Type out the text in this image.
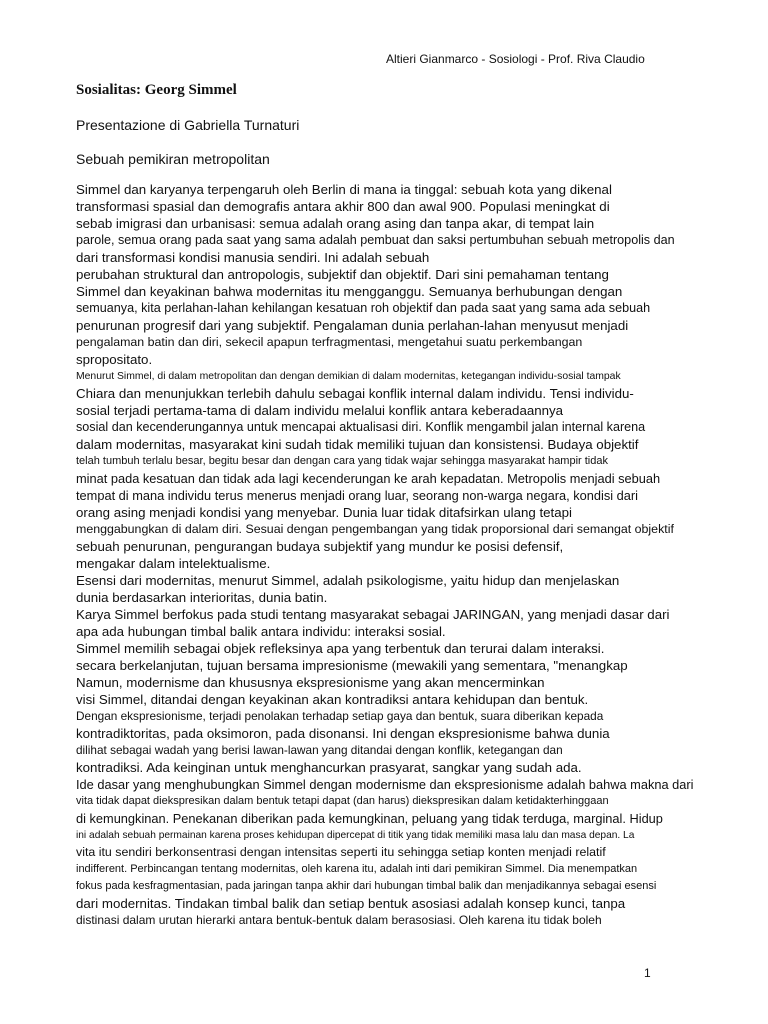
Altieri Gianmarco - Sosiologi - Prof. Riva Claudio
Sosialitas: Georg Simmel
Presentazione di Gabriella Turnaturi
Sebuah pemikiran metropolitan
Simmel dan karyanya terpengaruh oleh Berlin di mana ia tinggal: sebuah kota yang dikenal
transformasi spasial dan demografis antara akhir 800 dan awal 900. Populasi meningkat di
sebab imigrasi dan urbanisasi: semua adalah orang asing dan tanpa akar, di tempat lain
parole, semua orang pada saat yang sama adalah pembuat dan saksi pertumbuhan sebuah metropolis dan
dari transformasi kondisi manusia sendiri. Ini adalah sebuah
perubahan struktural dan antropologis, subjektif dan objektif. Dari sini pemahaman tentang
Simmel dan keyakinan bahwa modernitas itu mengganggu. Semuanya berhubungan dengan
semuanya, kita perlahan-lahan kehilangan kesatuan roh objektif dan pada saat yang sama ada sebuah
penurunan progresif dari yang subjektif. Pengalaman dunia perlahan-lahan menyusut menjadi
pengalaman batin dan diri, sekecil apapun terfragmentasi, mengetahui suatu perkembangan
spropositato.
Menurut Simmel, di dalam metropolitan dan dengan demikian di dalam modernitas, ketegangan individu-sosial tampak
Chiara dan menunjukkan terlebih dahulu sebagai konflik internal dalam individu. Tensi individu-
sosial terjadi pertama-tama di dalam individu melalui konflik antara keberadaannya
sosial dan kecenderungannya untuk mencapai aktualisasi diri. Konflik mengambil jalan internal karena
dalam modernitas, masyarakat kini sudah tidak memiliki tujuan dan konsistensi. Budaya objektif
telah tumbuh terlalu besar, begitu besar dan dengan cara yang tidak wajar sehingga masyarakat hampir tidak
minat pada kesatuan dan tidak ada lagi kecenderungan ke arah kepadatan. Metropolis menjadi sebuah
tempat di mana individu terus menerus menjadi orang luar, seorang non-warga negara, kondisi dari
orang asing menjadi kondisi yang menyebar. Dunia luar tidak ditafsirkan ulang tetapi
menggabungkan di dalam diri. Sesuai dengan pengembangan yang tidak proporsional dari semangat objektif
sebuah penurunan, pengurangan budaya subjektif yang mundur ke posisi defensif,
mengakar dalam intelektualisme.
Esensi dari modernitas, menurut Simmel, adalah psikologisme, yaitu hidup dan menjelaskan
dunia berdasarkan interioritas, dunia batin.
Karya Simmel berfokus pada studi tentang masyarakat sebagai JARINGAN, yang menjadi dasar dari
apa ada hubungan timbal balik antara individu: interaksi sosial.
Simmel memilih sebagai objek refleksinya apa yang terbentuk dan terurai dalam interaksi.
secara berkelanjutan, tujuan bersama impresionisme (mewakili yang sementara, "menangkap
Namun, modernisme dan khususnya ekspresionisme yang akan mencerminkan
visi Simmel, ditandai dengan keyakinan akan kontradiksi antara kehidupan dan bentuk.
Dengan ekspresionisme, terjadi penolakan terhadap setiap gaya dan bentuk, suara diberikan kepada
kontradiktoritas, pada oksimoron, pada disonansi. Ini dengan ekspresionisme bahwa dunia
dilihat sebagai wadah yang berisi lawan-lawan yang ditandai dengan konflik, ketegangan dan
kontradiksi. Ada keinginan untuk menghancurkan prasyarat, sangkar yang sudah ada.
Ide dasar yang menghubungkan Simmel dengan modernisme dan ekspresionisme adalah bahwa makna dari
vita tidak dapat diekspresikan dalam bentuk tetapi dapat (dan harus) diekspresikan dalam ketidakterhinggaan
di kemungkinan. Penekanan diberikan pada kemungkinan, peluang yang tidak terduga, marginal. Hidup
ini adalah sebuah permainan karena proses kehidupan dipercepat di titik yang tidak memiliki masa lalu dan masa depan. La
vita itu sendiri berkonsentrasi dengan intensitas seperti itu sehingga setiap konten menjadi relatif
indifferent. Perbincangan tentang modernitas, oleh karena itu, adalah inti dari pemikiran Simmel. Dia menempatkan
fokus pada kesfragmentasian, pada jaringan tanpa akhir dari hubungan timbal balik dan menjadikannya sebagai esensi
dari modernitas. Tindakan timbal balik dan setiap bentuk asosiasi adalah konsep kunci, tanpa
distinasi dalam urutan hierarki antara bentuk-bentuk dalam berasosiasi. Oleh karena itu tidak boleh
1
